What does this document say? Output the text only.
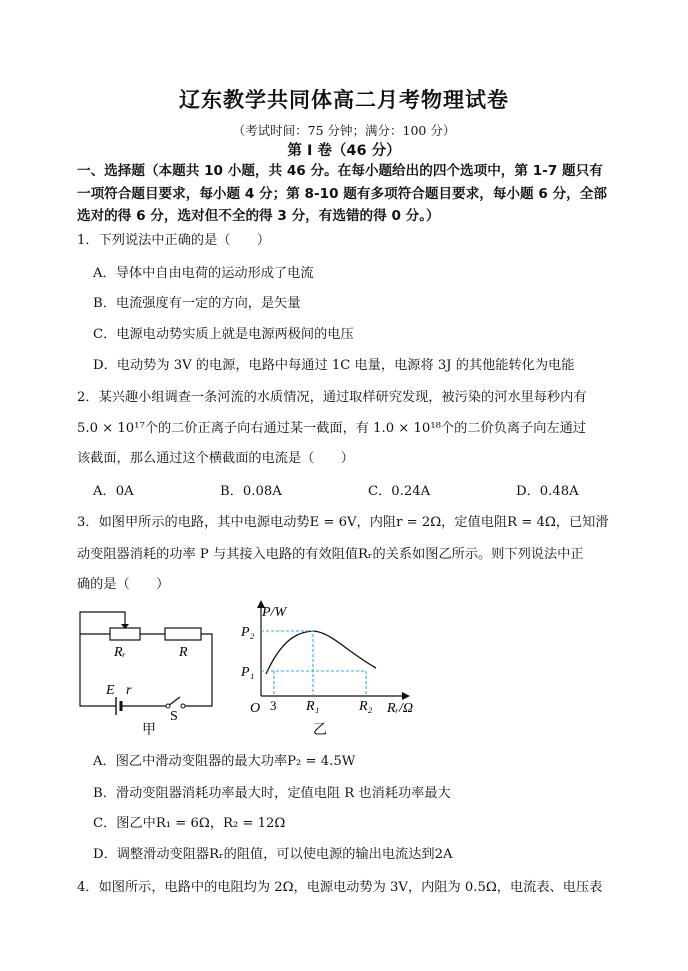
辽东教学共同体高二月考物理试卷
（考试时间：75 分钟；满分：100 分）
第 I 卷（46 分）
一、选择题（本题共 10 小题，共 46 分。在每小题给出的四个选项中，第 1-7 题只有一项符合题目要求，每小题 4 分；第 8-10 题有多项符合题目要求，每小题 6 分，全部选对的得 6 分，选对但不全的得 3 分，有选错的得 0 分。）
1．下列说法中正确的是（　　）
A．导体中自由电荷的运动形成了电流
B．电流强度有一定的方向，是矢量
C．电源电动势实质上就是电源两极间的电压
D．电动势为 3V 的电源，电路中每通过 1C 电量，电源将 3J 的其他能转化为电能
2．某兴趣小组调查一条河流的水质情况，通过取样研究发现，被污染的河水里每秒内有
5.0 × 10¹⁷个的二价正离子向右通过某一截面，有 1.0 × 10¹⁸个的二价负离子向左通过
该截面，那么通过这个横截面的电流是（　　）
A．0A	B．0.08A	C．0.24A	D．0.48A
3．如图甲所示的电路，其中电源电动势E = 6V，内阻r = 2Ω，定值电阻R = 4Ω，已知滑
动变阻器消耗的功率 P 与其接入电路的有效阻值Rᵣ的关系如图乙所示。则下列说法中正
确的是（　　）
Rᵣ	R
E r
S
甲
P/W
P₂
P₁
O 3 R₁	R₂ Rᵣ/Ω
乙
A．图乙中滑动变阻器的最大功率P₂ = 4.5W
B．滑动变阻器消耗功率最大时，定值电阻 R 也消耗功率最大
C．图乙中R₁ = 6Ω，R₂ = 12Ω
D．调整滑动变阻器Rᵣ的阻值，可以使电源的输出电流达到2A
4．如图所示，电路中的电阻均为 2Ω，电源电动势为 3V，内阻为 0.5Ω，电流表、电压表
